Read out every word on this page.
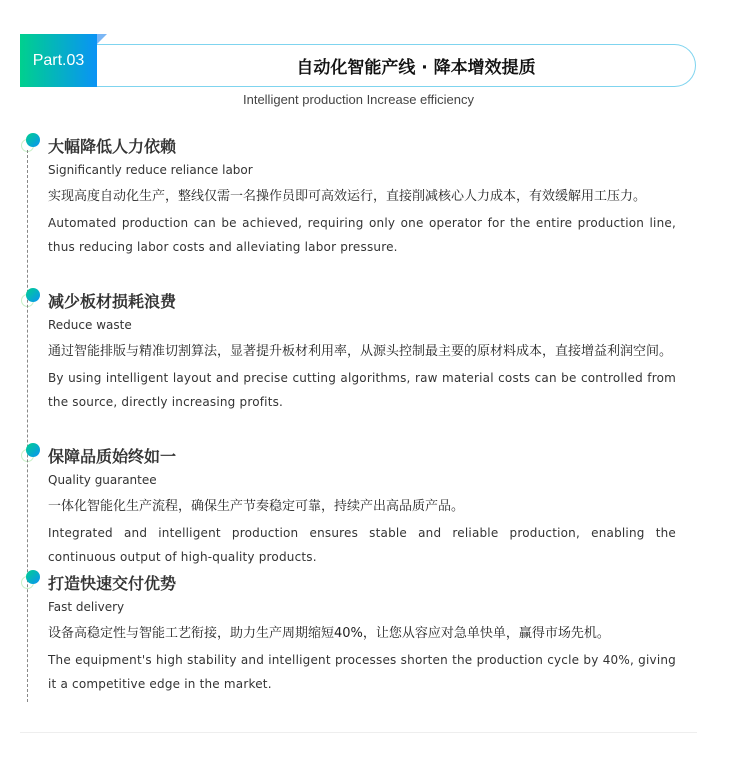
Part.03	自动化智能产线 · 降本增效提质
Intelligent production Increase efficiency
大幅降低人力依赖
Significantly reduce reliance labor
实现高度自动化生产，整线仅需一名操作员即可高效运行，直接削减核心人力成本，有效缓解用工压力。
Automated production can be achieved, requiring only one operator for the entire production line, thus reducing labor costs and alleviating labor pressure.
减少板材损耗浪费
Reduce waste
通过智能排版与精准切割算法，显著提升板材利用率，从源头控制最主要的原材料成本，直接增益利润空间。
By using intelligent layout and precise cutting algorithms, raw material costs can be controlled from the source, directly increasing profits.
保障品质始终如一
Quality guarantee
一体化智能化生产流程，确保生产节奏稳定可靠，持续产出高品质产品。
Integrated and intelligent production ensures stable and reliable production, enabling the continuous output of high-quality products.
打造快速交付优势
Fast delivery
设备高稳定性与智能工艺衔接，助力生产周期缩短40%，让您从容应对急单快单，赢得市场先机。
The equipment's high stability and intelligent processes shorten the production cycle by 40%, giving it a competitive edge in the market.
